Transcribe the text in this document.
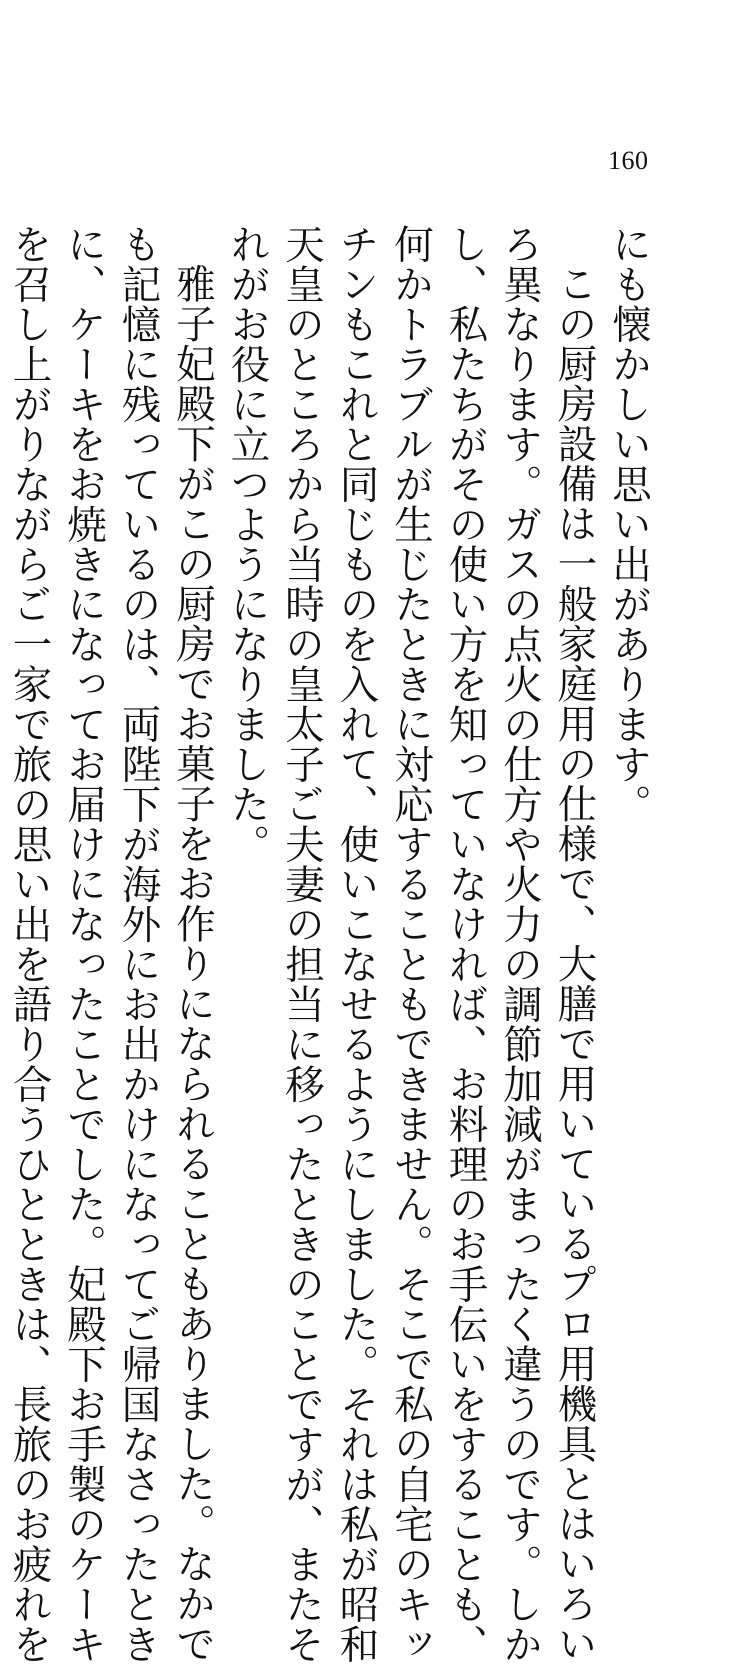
160

にも懐かしい思い出があります。

この厨房設備は一般家庭用の仕様で、大膳で用いているプロ用機具とはいろい
ろ異なります。ガスの点火の仕方や火力の調節加減がまったく違うのです。しか
し、私たちがその使い方を知っていなければ、お料理のお手伝いをすることも、
何かトラブルが生じたときに対応することもできません。そこで私の自宅のキッ
チンもこれと同じものを入れて、使いこなせるようにしました。それは私が昭和
天皇のところから当時の皇太子ご夫妻の担当に移ったときのことですが、またそ
れがお役に立つようになりました。

雅子妃殿下がこの厨房でお菓子をお作りになられることもありました。なかで
も記憶に残っているのは、両陛下が海外にお出かけになってご帰国なさったとき
に、ケーキをお焼きになってお届けになったことでした。妃殿下お手製のケーキ
を召し上がりながらご一家で旅の思い出を語り合うひとときは、長旅のお疲れを
